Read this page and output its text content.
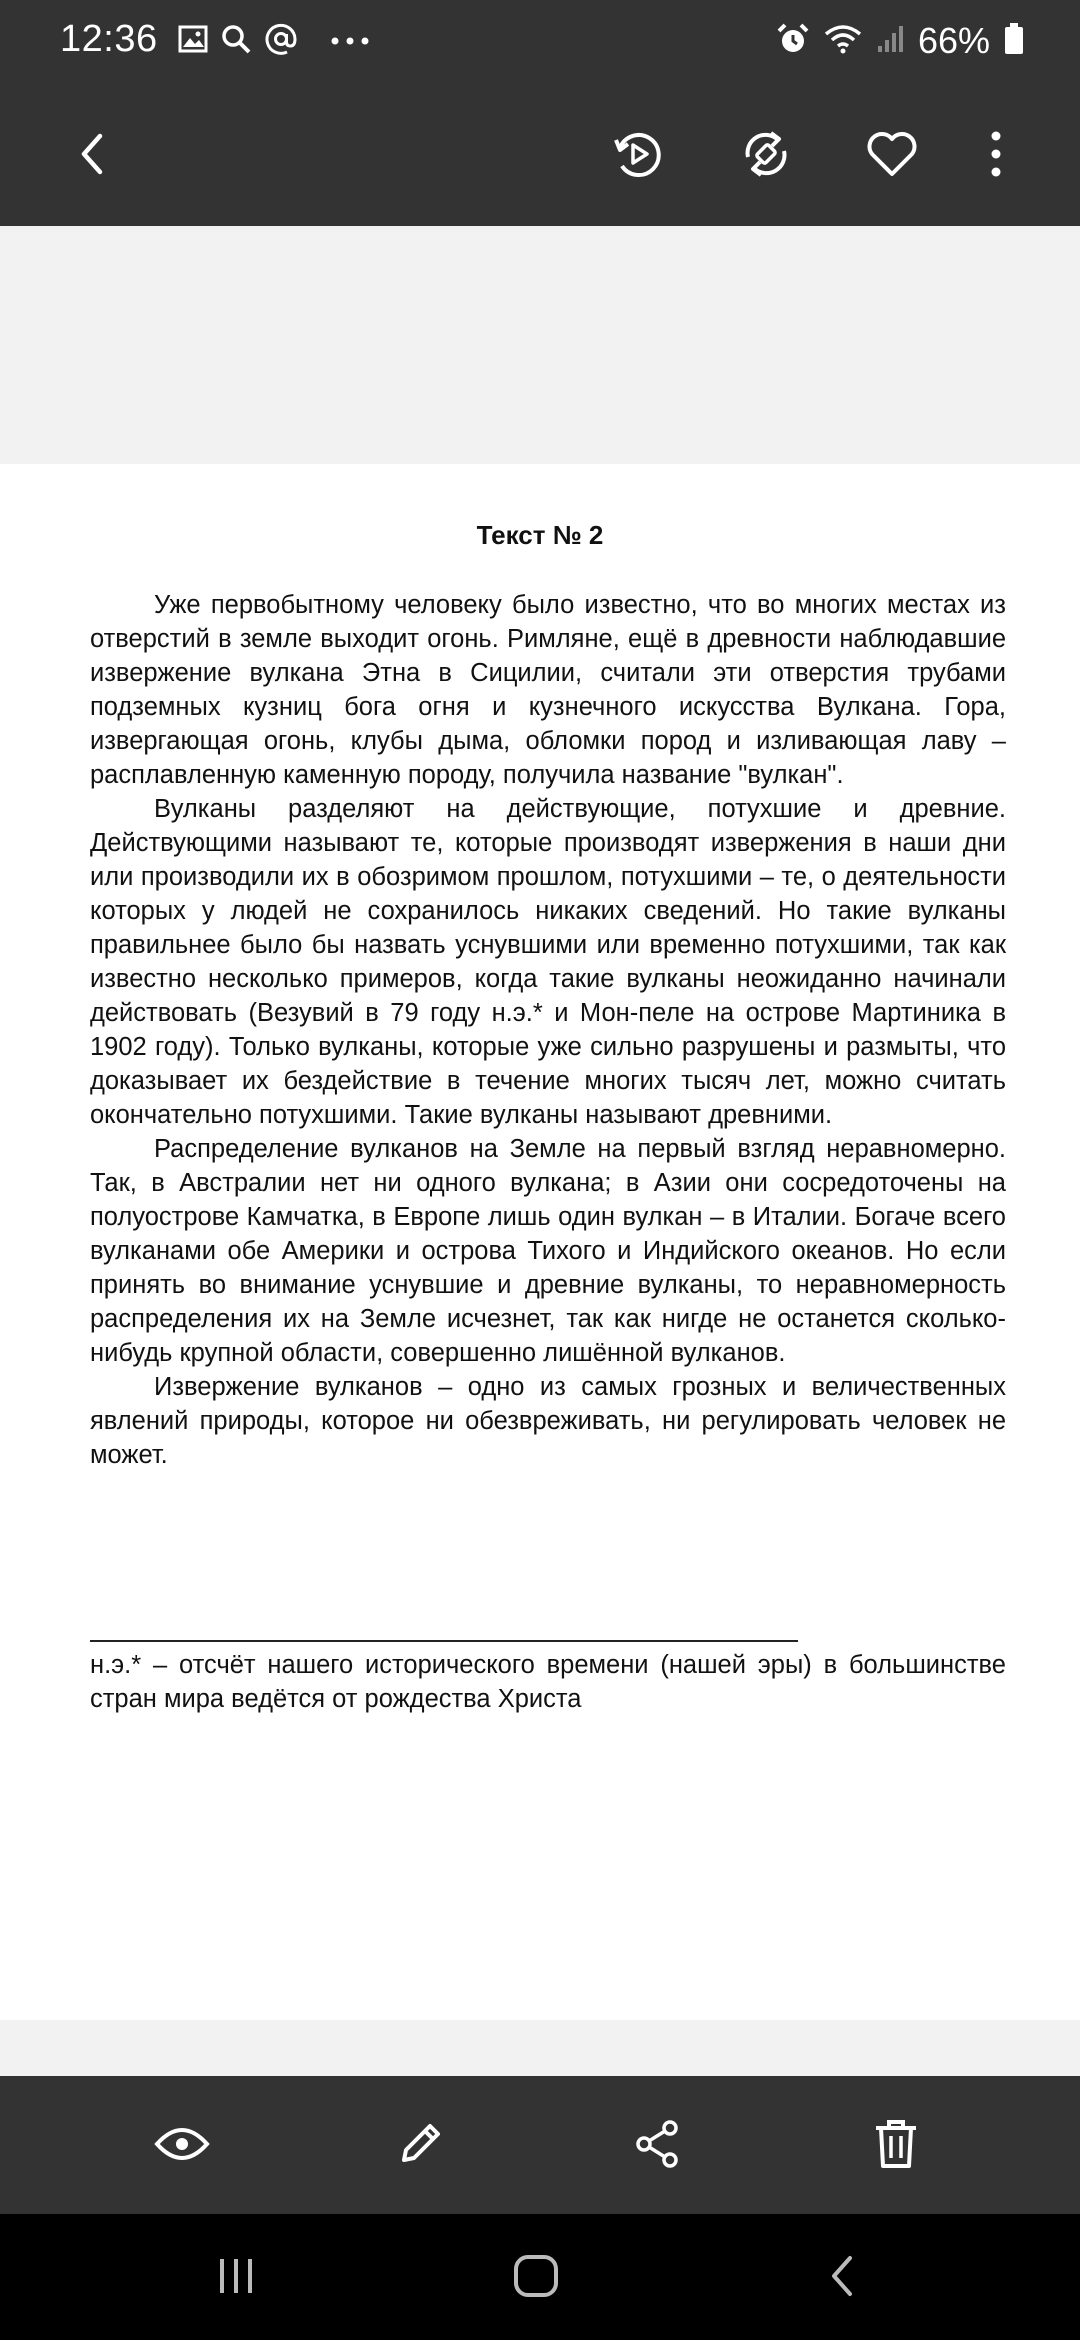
12:36	66%
Текст № 2

Уже первобытному человеку было известно, что во многих местах из отверстий в земле выходит огонь. Римляне, ещё в древности наблюдавшие извержение вулкана Этна в Сицилии, считали эти отверстия трубами подземных кузниц бога огня и кузнечного искусства Вулкана. Гора, извергающая огонь, клубы дыма, обломки пород и изливающая лаву – расплавленную каменную породу, получила название "вулкан".

Вулканы разделяют на действующие, потухшие и древние. Действующими называют те, которые производят извержения в наши дни или производили их в обозримом прошлом, потухшими – те, о деятельности которых у людей не сохранилось никаких сведений. Но такие вулканы правильнее было бы назвать уснувшими или временно потухшими, так как известно несколько примеров, когда такие вулканы неожиданно начинали действовать (Везувий в 79 году н.э.* и Мон-пеле на острове Мартиника в 1902 году). Только вулканы, которые уже сильно разрушены и размыты, что доказывает их бездействие в течение многих тысяч лет, можно считать окончательно потухшими. Такие вулканы называют древними.

Распределение вулканов на Земле на первый взгляд неравномерно. Так, в Австралии нет ни одного вулкана; в Азии они сосредоточены на полуострове Камчатка, в Европе лишь один вулкан – в Италии. Богаче всего вулканами обе Америки и острова Тихого и Индийского океанов. Но если принять во внимание уснувшие и древние вулканы, то неравномерность распределения их на Земле исчезнет, так как нигде не останется сколько-нибудь крупной области, совершенно лишённой вулканов.

Извержение вулканов – одно из самых грозных и величественных явлений природы, которое ни обезвреживать, ни регулировать человек не может.

н.э.* – отсчёт нашего исторического времени (нашей эры) в большинстве стран мира ведётся от рождества Христа
